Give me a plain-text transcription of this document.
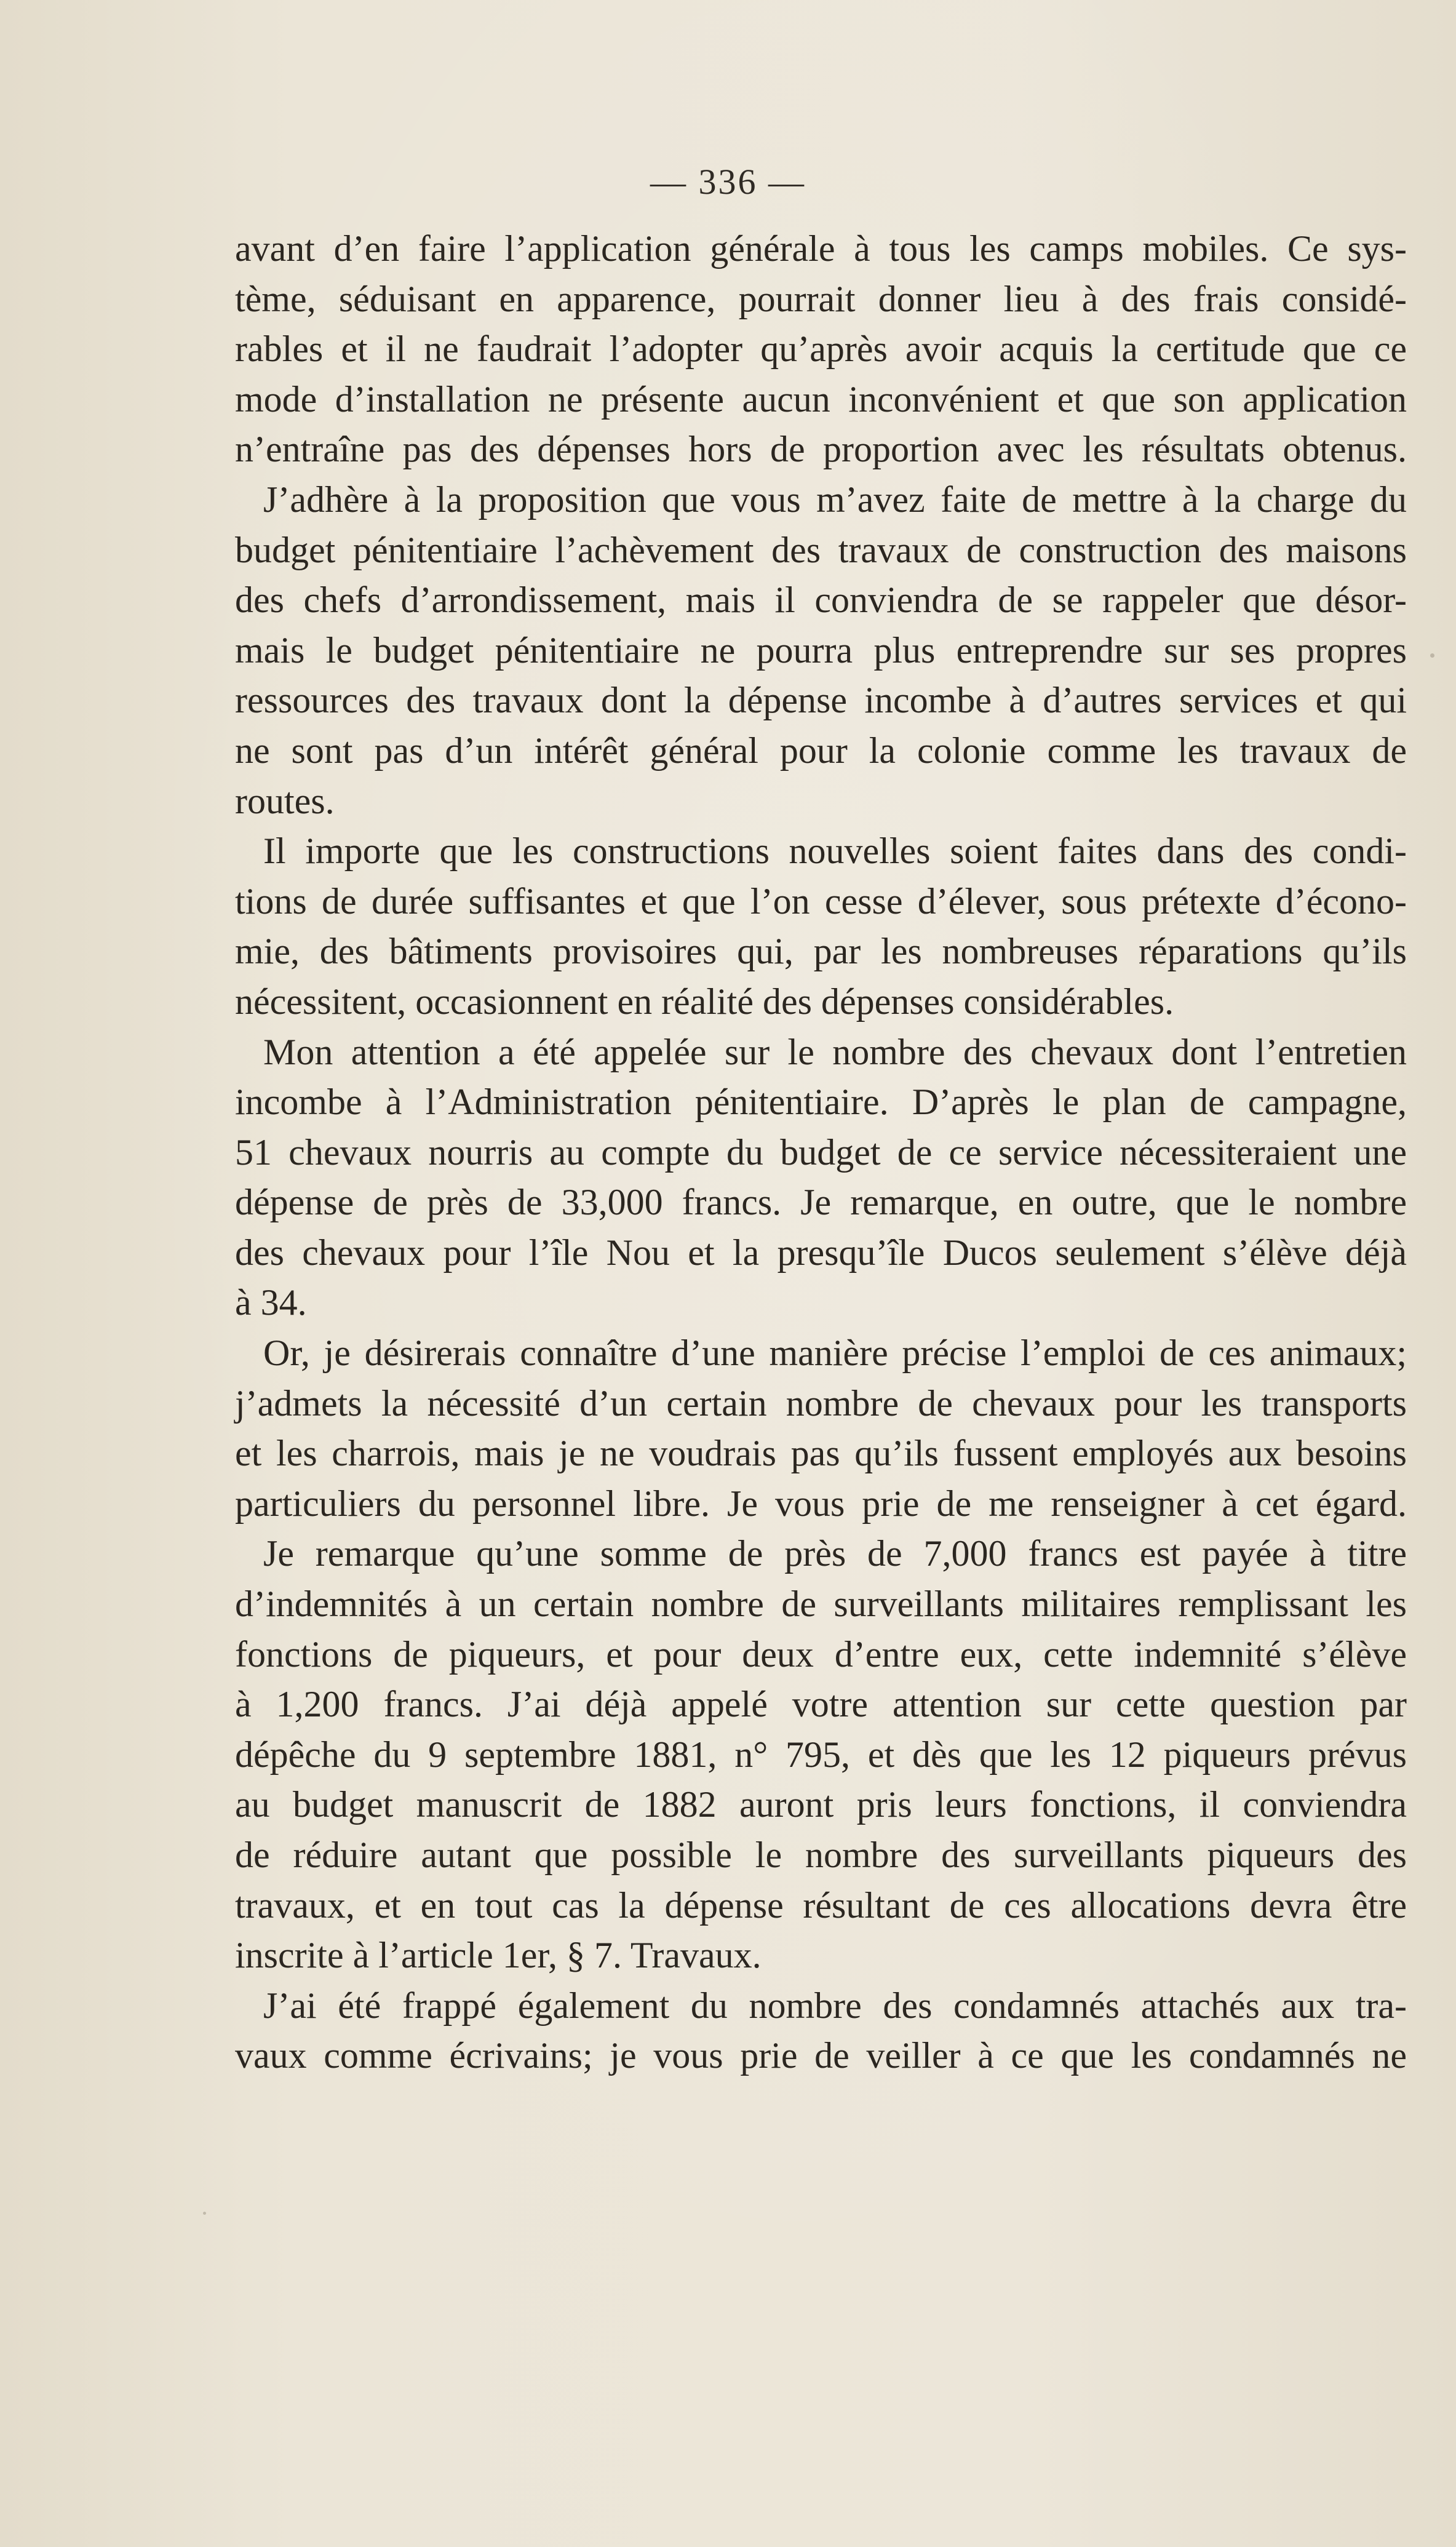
— 336 —
avant d’en faire l’application générale à tous les camps mobiles. Ce sys-
tème, séduisant en apparence, pourrait donner lieu à des frais considé-
rables et il ne faudrait l’adopter qu’après avoir acquis la certitude que ce
mode d’installation ne présente aucun inconvénient et que son application
n’entraîne pas des dépenses hors de proportion avec les résultats obtenus.
J’adhère à la proposition que vous m’avez faite de mettre à la charge du
budget pénitentiaire l’achèvement des travaux de construction des maisons
des chefs d’arrondissement, mais il conviendra de se rappeler que désor-
mais le budget pénitentiaire ne pourra plus entreprendre sur ses propres
ressources des travaux dont la dépense incombe à d’autres services et qui
ne sont pas d’un intérêt général pour la colonie comme les travaux de
routes.
Il importe que les constructions nouvelles soient faites dans des condi-
tions de durée suffisantes et que l’on cesse d’élever, sous prétexte d’écono-
mie, des bâtiments provisoires qui, par les nombreuses réparations qu’ils
nécessitent, occasionnent en réalité des dépenses considérables.
Mon attention a été appelée sur le nombre des chevaux dont l’entretien
incombe à l’Administration pénitentiaire. D’après le plan de campagne,
51 chevaux nourris au compte du budget de ce service nécessiteraient une
dépense de près de 33,000 francs. Je remarque, en outre, que le nombre
des chevaux pour l’île Nou et la presqu’île Ducos seulement s’élève déjà
à 34.
Or, je désirerais connaître d’une manière précise l’emploi de ces animaux;
j’admets la nécessité d’un certain nombre de chevaux pour les transports
et les charrois, mais je ne voudrais pas qu’ils fussent employés aux besoins
particuliers du personnel libre. Je vous prie de me renseigner à cet égard.
Je remarque qu’une somme de près de 7,000 francs est payée à titre
d’indemnités à un certain nombre de surveillants militaires remplissant les
fonctions de piqueurs, et pour deux d’entre eux, cette indemnité s’élève
à 1,200 francs. J’ai déjà appelé votre attention sur cette question par
dépêche du 9 septembre 1881, n° 795, et dès que les 12 piqueurs prévus
au budget manuscrit de 1882 auront pris leurs fonctions, il conviendra
de réduire autant que possible le nombre des surveillants piqueurs des
travaux, et en tout cas la dépense résultant de ces allocations devra être
inscrite à l’article 1er, § 7. Travaux.
J’ai été frappé également du nombre des condamnés attachés aux tra-
vaux comme écrivains; je vous prie de veiller à ce que les condamnés ne
